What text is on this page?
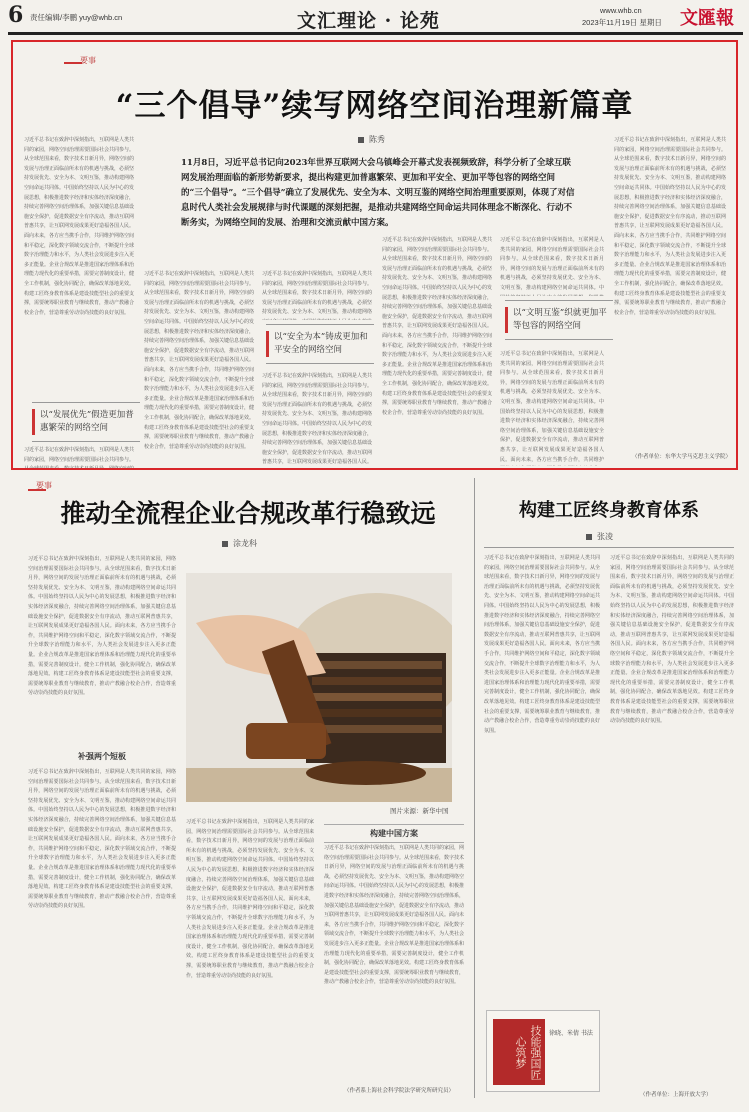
6 责任编辑/李鹏 yuy@whb.cn	文汇理论 · 论苑	www.whb.cn
2023年11月19日 星期日 文匯報
要事
“三个倡导”续写网络空间治理新篇章
陈秀
习近平总书记在致辞中深刻指出，互联网是人类共同的家园，网络空间治理需要国际社会共同参与。从全球范围来看，数字技术日新月异，网络空间的发展与治理正面临前所未有的机遇与挑战，必须坚持发展优先、安全为本、文明互鉴，推动构建网络空间命运共同体。中国始终坚持以人民为中心的发展思想，积极推进数字经济和实体经济深度融合，持续完善网络空间治理体系，加强关键信息基础设施安全保护，促进数据安全有序流动，推动互联网普惠共享，让互联网发展成果更好造福各国人民。面向未来，各方应当携手合作，共同维护网络空间和平稳定，深化数字领域交流合作，不断提升全球数字治理能力和水平，为人类社会发展进步注入更多正能量。企业合规改革是推进国家治理体系和治理能力现代化的重要举措，需要完善制度设计，健全工作机制，强化协同配合，确保改革落地见效。构建工匠终身教育体系是建设技能型社会的重要支撑，需要统筹职业教育与继续教育，推动产教融合校企合作，营造尊重劳动崇尚技能的良好氛围。
以“发展优先”假造更加普惠繁荣的网络空间
习近平总书记在致辞中深刻指出，互联网是人类共同的家园，网络空间治理需要国际社会共同参与。
11月8日，习近平总书记向2023年世界互联网大会乌镇峰会开幕式发表视频致辞，科学分析了全球互联网发展治理面临的新形势新要求，提出构建更加普惠繁荣、更加和平安全、更加平等包容的网络空间的“三个倡导”。“三个倡导”确立了发展优先、安全为本、文明互鉴的网络空间治理重要原则，体现了对信息时代人类社会发展规律与时代课题的深刻把握，是推动共建网络空间命运共同体理念不断深化、行动不断务实，为网络空间的发展、治理和交流贡献中国方案。
习近平总书记在致辞中深刻指出，互联网是人类共同的家园，网络空间治理需要国际社会共同参与。从全球范围来看，数字技术日新月异，网络空间的发展与治理正面临前所未有的机遇与挑战，必须坚持发展优先、安全为本、文明互鉴，推动构建网络空间命运共同体。中国始终坚持以人民为中心的发展思想，积极推进数字经济和实体经济深度融合，持续完善网络空间治理体系，加强关键信息基础设施安全保护，促进数据安全有序流动，推动互联网普惠共享，让互联网发展成果更好造福各国人民。面向未来，各方应当携手合作，共同维护网络空间和平稳定，深化数字领域交流合作，不断提升全球数字治理能力和水平，为人类社会发展进步注入更多正能量。企业合规改革是推进国家治理体系和治理能力现代化的重要举措，需要完善制度设计，健全工作机制，强化协同配合，确保改革落地见效。构建工匠终身教育体系是建设技能型社会的重要支撑，需要统筹职业教育与继续教育，推动产教融合校企合作，营造尊重劳动崇尚技能的良好氛围。
习近平总书记在致辞中深刻指出，互联网是人类共同的家园，网络空间治理需要国际社会共同参与。从全球范围来看，数字技术日新月异，网络空间的发展与治理正面临前所未有的机遇与挑战，必须坚持发展优先、安全为本、文明互鉴，推动构建网络
以“安全为本”铸成更加和平安全的网络空间
习近平总书记在致辞中深刻指出，互联网是人类共同的家园，网络空间治理需要国际社会共同参与。从全球范围来看，数字技术日新月异，网络空间的发展与治理正面临前所未有的机遇与挑战，必须坚持发展优先、安全为本、文明互鉴，推动构建网络空间命运共同体。中国始终坚持以人民为中心的发展思想，积极推进数字经济和实体经济深度融合，持续完善网络空间治理体系，加强关键信息基础设施安全保护，促进数据安全有序流动，推动互联网普惠共享，让互联网发展成果更好造福各国人民。
习近平总书记在致辞中深刻指出，互联网是人类共同的家园，网络空间治理需要国际社会共同参与。从全球范围来看，数字技术日新月异，网络空间的发展与治理正面临前所未有的机遇与挑战，必须坚持发展优先、安全为本、文明互鉴，推动构建网络空间命运共同体。中国始终坚持以人民为中心的发展思想，积极推进数字经济和实体经济深度融合，持续完善网络空间治理体系，加强关键信息基础设施安全保护，促进数据安全有序流动，推动互联网普惠共享，让互联网发展成果更好造福各国人民。面向未来，各方应当携手合作，共同维护网络空间和平稳定，深化数字领域交流合作，不断提升全球数字治理能力和水平，为人类社会发展进步注入更多正能量。企业合规改革是推进国家治理体系和治理能力现代化的重要举措，需要完善制度设计，健全工作机制，强化协同配合，确保改革落地见效。构建工匠终身教育体系是建设技能型社会的重要支撑，需要统筹职业教育与继续教育，推动产教融合校企合作，营造尊重劳动崇尚技能的良好氛围。
习近平总书记在致辞中深刻指出，互联网是人类共同的家园，网络空间治理需要国际社会共同参与。从全球范围来看，数字技术日新月异，网络空间的发展与治理正面临前所未有的机遇与挑战，必须坚持发展优先、安全为本、文明互鉴，推动构建网络空间命运共同体。中
以“文明互鉴”织就更加平等包容的网络空间
习近平总书记在致辞中深刻指出，互联网是人类共同的家园，网络空间治理需要国际社会共同参与。从全球范围来看，数字技术日新月异，网络空间的发展与治理正面临前所未有的机遇与挑战，必须坚持发展优先、安全为本、文明互鉴，推动构建网络空间命运共同体。中国始终坚持以人民为中心的发展思想，积极推进数字经济和实体经济深度融合，持续完善网络空间治理体系，加强关键信息基础设施安全保护，促进数据安全有序流动，推动互联网普惠共享，让互联网发展成果更好造福各国人民。面向未来，各方应当携手合作，共同维护
习近平总书记在致辞中深刻指出，互联网是人类共同的家园，网络空间治理需要国际社会共同参与。从全球范围来看，数字技术日新月异，网络空间的发展与治理正面临前所未有的机遇与挑战，必须坚持发展优先、安全为本、文明互鉴，推动构建网络空间命运共同体。中国始终坚持以人民为中心的发展思想，积极推进数字经济和实体经济深度融合，持续完善网络空间治理体系，加强关键信息基础设施安全保护，促进数据安全有序流动，推动互联网普惠共享，让互联网发展成果更好造福各国人民。面向未来，各方应当携手合作，共同维护网络空间和平稳定，深化数字领域交流合作，不断提升全球数字治理能力和水平，为人类社会发展进步注入更多正能量。企业合规改革是推进国家治理体系和治理能力现代化的重要举措，需要完善制度设计，健全工作机制，强化协同配合，确保改革落地见效。构建工匠终身教育体系是建设技能型社会的重要支撑，需要统筹职业教育与继续教育，推动产教融合校企合作，营造尊重劳动崇尚技能的良好氛围。
（作者单位：东华大学马克思主义学院）
要事
推动全流程企业合规改革行稳致远
涂龙科
习近平总书记在致辞中深刻指出，互联网是人类共同的家园，网络空间治理需要国际社会共同参与。从全球范围来看，数字技术日新月异，网络空间的发展与治理正面临前所未有的机遇与挑战，必须坚持发展优先、安全为本、文明互鉴，推动构建网络空间命运共同体。中国始终坚持以人民为中心的发展思想，积极推进数字经济和实体经济深度融合，持续完善网络空间治理体系，加强关键信息基础设施安全保护，促进数据安全有序流动，推动互联网普惠共享，让互联网发展成果更好造福各国人民。面向未来，各方应当携手合作，共同维护网络空间和平稳定，深化数字领域交流合作，不断提升全球数字治理能力和水平，为人类社会发展进步注入更多正能量。企业合规改革是推进国家治理体系和治理能力现代化的重要举措，需要完善制度设计，健全工作机制，强化协同配合，确保改革落地见效。构建工匠终身教育体系是建设技能型社会的重要支撑，需要统筹职业教育与继续教育，推动产教融合校企合作，营造尊重劳动崇尚技能的良好氛围。
补强两个短板
习近平总书记在致辞中深刻指出，互联网是人类共同的家园，网络空间治理需要国际社会共同参与。从全球范围来看，数字技术日新月异，网络空间的发展与治理正面临前所未有的机遇与挑战，必须坚持发展优先、安全为本、文明互鉴，推动构建网络空间命运共同体。中国始终坚持以人民为中心的发展思想，积极推进数字经济和实体经济深度融合，持续完善网络空间治理体系，加强关键信息基础设施安全保护，促进数据安全有序流动，推动互联网普惠共享，让互联网发展成果更好造福各国人民。面向未来，各方应当携手合作，共同维护网络空间和平稳定，深化数字领域交流合作，不断提升全球数字治理能力和水平，为人类社会发展进步注入更多正能量。企业合规改革是推进国家治理体系和治理能力现代化的重要举措，需要完善制度设计，健全工作机制，强化协同配合，确保改革落地见效。构建工匠终身教育体系是建设技能型社会的重要支撑，需要统筹职业教育与继续教育，推动产教融合校企合作，营造尊重劳动崇尚技能的良好氛围。
图片来源：新华中国
习近平总书记在致辞中深刻指出，互联网是人类共同的家园，网络空间治理需要国际社会共同参与。从全球范围来看，数字技术日新月异，网络空间的发展与治理正面临前所未有的机遇与挑战，必须坚持发展优先、安全为本、文明互鉴，推动构建网络空间命运共同体。中国始终坚持以人民为中心的发展思想，积极推进数字经济和实体经济深度融合，持续完善网络空间治理体系，加强关键信息基础设施安全保护，促进数据安全有序流动，推动互联网普惠共享，让互联网发展成果更好造福各国人民。面向未来，各方应当携手合作，共同维护网络空间和平稳定，深化数字领域交流合作，不断提升全球数字治理能力和水平，为人类社会发展进步注入更多正能量。企业合规改革是推进国家治理体系和治理能力现代化的重要举措，需要完善制度设计，健全工作机制，强化协同配合，确保改革落地见效。构建工匠终身教育体系是建设技能型社会的重要支撑，需要统筹职业教育与继续教育，推动产教融合校企合作，营造尊重劳动崇尚技能的良好氛围。
构建中国方案
习近平总书记在致辞中深刻指出，互联网是人类共同的家园，网络空间治理需要国际社会共同参与。从全球范围来看，数字技术日新月异，网络空间的发展与治理正面临前所未有的机遇与挑战，必须坚持发展优先、安全为本、文明互鉴，推动构建网络空间命运共同体。中国始终坚持以人民为中心的发展思想，积极推进数字经济和实体经济深度融合，持续完善网络空间治理体系，加强关键信息基础设施安全保护，促进数据安全有序流动，推动互联网普惠共享，让互联网发展成果更好造福各国人民。面向未来，各方应当携手合作，共同维护网络空间和平稳定，深化数字领域交流合作，不断提升全球数字治理能力和水平，为人类社会发展进步注入更多正能量。企业合规改革是推进国家治理体系和治理能力现代化的重要举措，需要完善制度设计，健全工作机制，强化协同配合，确保改革落地见效。构建工匠终身教育体系是建设技能型社会的重要支撑，需要统筹职业教育与继续教育，推动产教融合校企合作，营造尊重劳动崇尚技能的良好氛围。
（作者系上海社会科学院法学研究所研究员）
构建工匠终身教育体系
张凌
习近平总书记在致辞中深刻指出，互联网是人类共同的家园，网络空间治理需要国际社会共同参与。从全球范围来看，数字技术日新月异，网络空间的发展与治理正面临前所未有的机遇与挑战，必须坚持发展优先、安全为本、文明互鉴，推动构建网络空间命运共同体。中国始终坚持以人民为中心的发展思想，积极推进数字经济和实体经济深度融合，持续完善网络空间治理体系，加强关键信息基础设施安全保护，促进数据安全有序流动，推动互联网普惠共享，让互联网发展成果更好造福各国人民。面向未来，各方应当携手合作，共同维护网络空间和平稳定，深化数字领域交流合作，不断提升全球数字治理能力和水平，为人类社会发展进步注入更多正能量。企业合规改革是推进国家治理体系和治理能力现代化的重要举措，需要完善制度设计，健全工作机制，强化协同配合，确保改革落地见效。构建工匠终身教育体系是建设技能型社会的重要支撑，需要统筹职业教育与继续教育，推动产教融合校企合作，营造尊重劳动崇尚技能的良好氛围。
习近平总书记在致辞中深刻指出，互联网是人类共同的家园，网络空间治理需要国际社会共同参与。从全球范围来看，数字技术日新月异，网络空间的发展与治理正面临前所未有的机遇与挑战，必须坚持发展优先、安全为本、文明互鉴，推动构建网络空间命运共同体。中国始终坚持以人民为中心的发展思想，积极推进数字经济和实体经济深度融合，持续完善网络空间治理体系，加强关键信息基础设施安全保护，促进数据安全有序流动，推动互联网普惠共享，让互联网发展成果更好造福各国人民。面向未来，各方应当携手合作，共同维护网络空间和平稳定，深化数字领域交流合作，不断提升全球数字治理能力和水平，为人类社会发展进步注入更多正能量。企业合规改革是推进国家治理体系和治理能力现代化的重要举措，需要完善制度设计，健全工作机制，强化协同配合，确保改革落地见效。构建工匠终身教育体系是建设技能型社会的重要支撑，需要统筹职业教育与继续教育，推动产教融合校企合作，营造尊重劳动崇尚技能的良好氛围。
技能强国匠心筑梦
徐晓、米倩 书法
（作者单位：上海开放大学）
